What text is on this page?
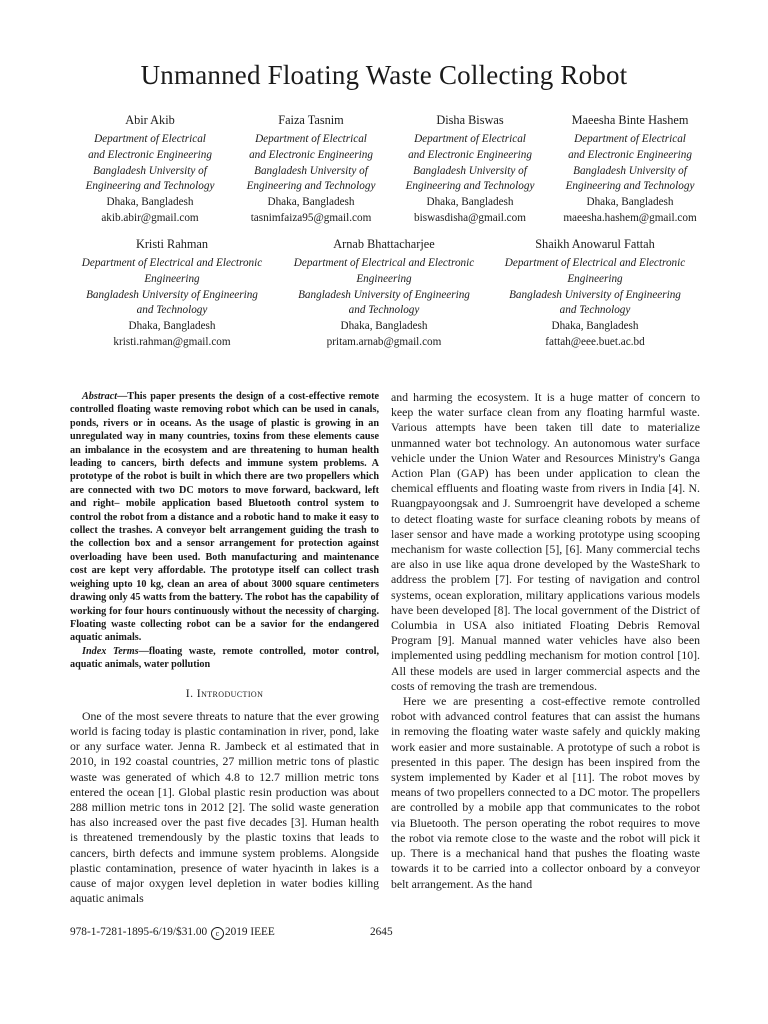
Unmanned Floating Waste Collecting Robot
Abir Akib
Department of Electrical
and Electronic Engineering
Bangladesh University of
Engineering and Technology
Dhaka, Bangladesh
akib.abir@gmail.com
Faiza Tasnim
Department of Electrical
and Electronic Engineering
Bangladesh University of
Engineering and Technology
Dhaka, Bangladesh
tasnimfaiza95@gmail.com
Disha Biswas
Department of Electrical
and Electronic Engineering
Bangladesh University of
Engineering and Technology
Dhaka, Bangladesh
biswasdisha@gmail.com
Maeesha Binte Hashem
Department of Electrical
and Electronic Engineering
Bangladesh University of
Engineering and Technology
Dhaka, Bangladesh
maeesha.hashem@gmail.com
Kristi Rahman
Department of Electrical and Electronic
Engineering
Bangladesh University of Engineering
and Technology
Dhaka, Bangladesh
kristi.rahman@gmail.com
Arnab Bhattacharjee
Department of Electrical and Electronic
Engineering
Bangladesh University of Engineering
and Technology
Dhaka, Bangladesh
pritam.arnab@gmail.com
Shaikh Anowarul Fattah
Department of Electrical and Electronic
Engineering
Bangladesh University of Engineering
and Technology
Dhaka, Bangladesh
fattah@eee.buet.ac.bd

Abstract—This paper presents the design of a cost-effective remote controlled floating waste removing robot which can be used in canals, ponds, rivers or in oceans. As the usage of plastic is growing in an unregulated way in many countries, toxins from these elements cause an imbalance in the ecosystem and are threatening to human health leading to cancers, birth defects and immune system problems. A prototype of the robot is built in which there are two propellers which are connected with two DC motors to move forward, backward, left and right– mobile application based Bluetooth control system to control the robot from a distance and a robotic hand to make it easy to collect the trashes. A conveyor belt arrangement guiding the trash to the collection box and a sensor arrangement for protection against overloading have been used. Both manufacturing and maintenance cost are kept very affordable. The prototype itself can collect trash weighing upto 10 kg, clean an area of about 3000 square centimeters drawing only 45 watts from the battery. The robot has the capability of working for four hours continuously without the necessity of charging. Floating waste collecting robot can be a savior for the endangered aquatic animals.

Index Terms—floating waste, remote controlled, motor control, aquatic animals, water pollution

I. Introduction

One of the most severe threats to nature that the ever growing world is facing today is plastic contamination in river, pond, lake or any surface water. Jenna R. Jambeck et al estimated that in 2010, in 192 coastal countries, 27 million metric tons of plastic waste was generated of which 4.8 to 12.7 million metric tons entered the ocean [1]. Global plastic resin production was about 288 million metric tons in 2012 [2]. The solid waste generation has also increased over the past five decades [3]. Human health is threatened tremendously by the plastic toxins that leads to cancers, birth defects and immune system problems. Alongside plastic contamination, presence of water hyacinth in lakes is a cause of major oxygen level depletion in water bodies killing aquatic animals

and harming the ecosystem. It is a huge matter of concern to keep the water surface clean from any floating harmful waste. Various attempts have been taken till date to materialize unmanned water bot technology. An autonomous water surface vehicle under the Union Water and Resources Ministry's Ganga Action Plan (GAP) has been under application to clean the chemical effluents and floating waste from rivers in India [4]. N. Ruangpayoongsak and J. Sumroengrit have developed a scheme to detect floating waste for surface cleaning robots by means of laser sensor and have made a working prototype using scooping mechanism for waste collection [5], [6]. Many commercial techs are also in use like aqua drone developed by the WasteShark to address the problem [7]. For testing of navigation and control systems, ocean exploration, military applications various models have been developed [8]. The local government of the District of Columbia in USA also initiated Floating Debris Removal Program [9]. Manual manned water vehicles have also been implemented using peddling mechanism for motion control [10]. All these models are used in larger commercial aspects and the costs of removing the trash are tremendous.

Here we are presenting a cost-effective remote controlled robot with advanced control features that can assist the humans in removing the floating water waste safely and quickly making work easier and more sustainable. A prototype of such a robot is presented in this paper. The design has been inspired from the system implemented by Kader et al [11]. The robot moves by means of two propellers connected to a DC motor. The propellers are controlled by a mobile app that communicates to the robot via Bluetooth. The person operating the robot requires to move the robot via remote close to the waste and the robot will pick it up. There is a mechanical hand that pushes the floating waste towards it to be carried into a collector onboard by a conveyor belt arrangement. As the hand

978-1-7281-1895-6/19/$31.00 c 2019 IEEE	2645
